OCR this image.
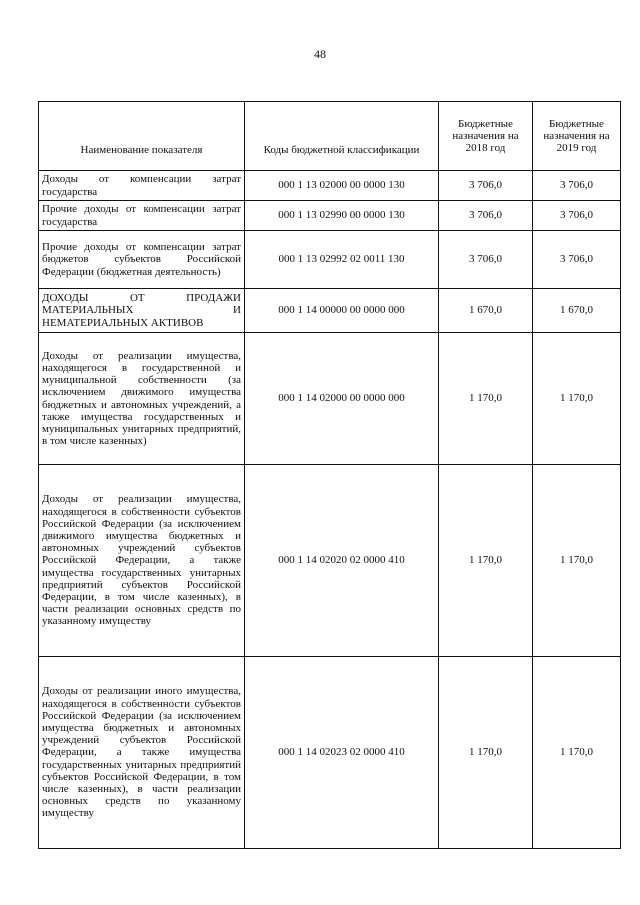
48
Наименование показателя	Коды бюджетной классификации	Бюджетные назначения на 2018 год	Бюджетные назначения на 2019 год
Доходы от компенсации затрат государства	000 1 13 02000 00 0000 130	3 706,0	3 706,0
Прочие доходы от компенсации затрат государства	000 1 13 02990 00 0000 130	3 706,0	3 706,0
Прочие доходы от компенсации затрат бюджетов субъектов Российской Федерации (бюджетная деятельность)	000 1 13 02992 02 0011 130	3 706,0	3 706,0
ДОХОДЫ ОТ ПРОДАЖИ МАТЕРИАЛЬНЫХ И НЕМАТЕРИАЛЬНЫХ АКТИВОВ	000 1 14 00000 00 0000 000	1 670,0	1 670,0
Доходы от реализации имущества, находящегося в государственной и муниципальной собственности (за исключением движимого имущества бюджетных и автономных учреждений, а также имущества государственных и муниципальных унитарных предприятий, в том числе казенных)	000 1 14 02000 00 0000 000	1 170,0	1 170,0
Доходы от реализации имущества, находящегося в собственности субъектов Российской Федерации (за исключением движимого имущества бюджетных и автономных учреждений субъектов Российской Федерации, а также имущества государственных унитарных предприятий субъектов Российской Федерации, в том числе казенных), в части реализации основных средств по указанному имуществу	000 1 14 02020 02 0000 410	1 170,0	1 170,0
Доходы от реализации иного имущества, находящегося в собственности субъектов Российской Федерации (за исключением имущества бюджетных и автономных учреждений субъектов Российской Федерации, а также имущества государственных унитарных предприятий субъектов Российской Федерации, в том числе казенных), в части реализации основных средств по указанному имуществу	000 1 14 02023 02 0000 410	1 170,0	1 170,0
